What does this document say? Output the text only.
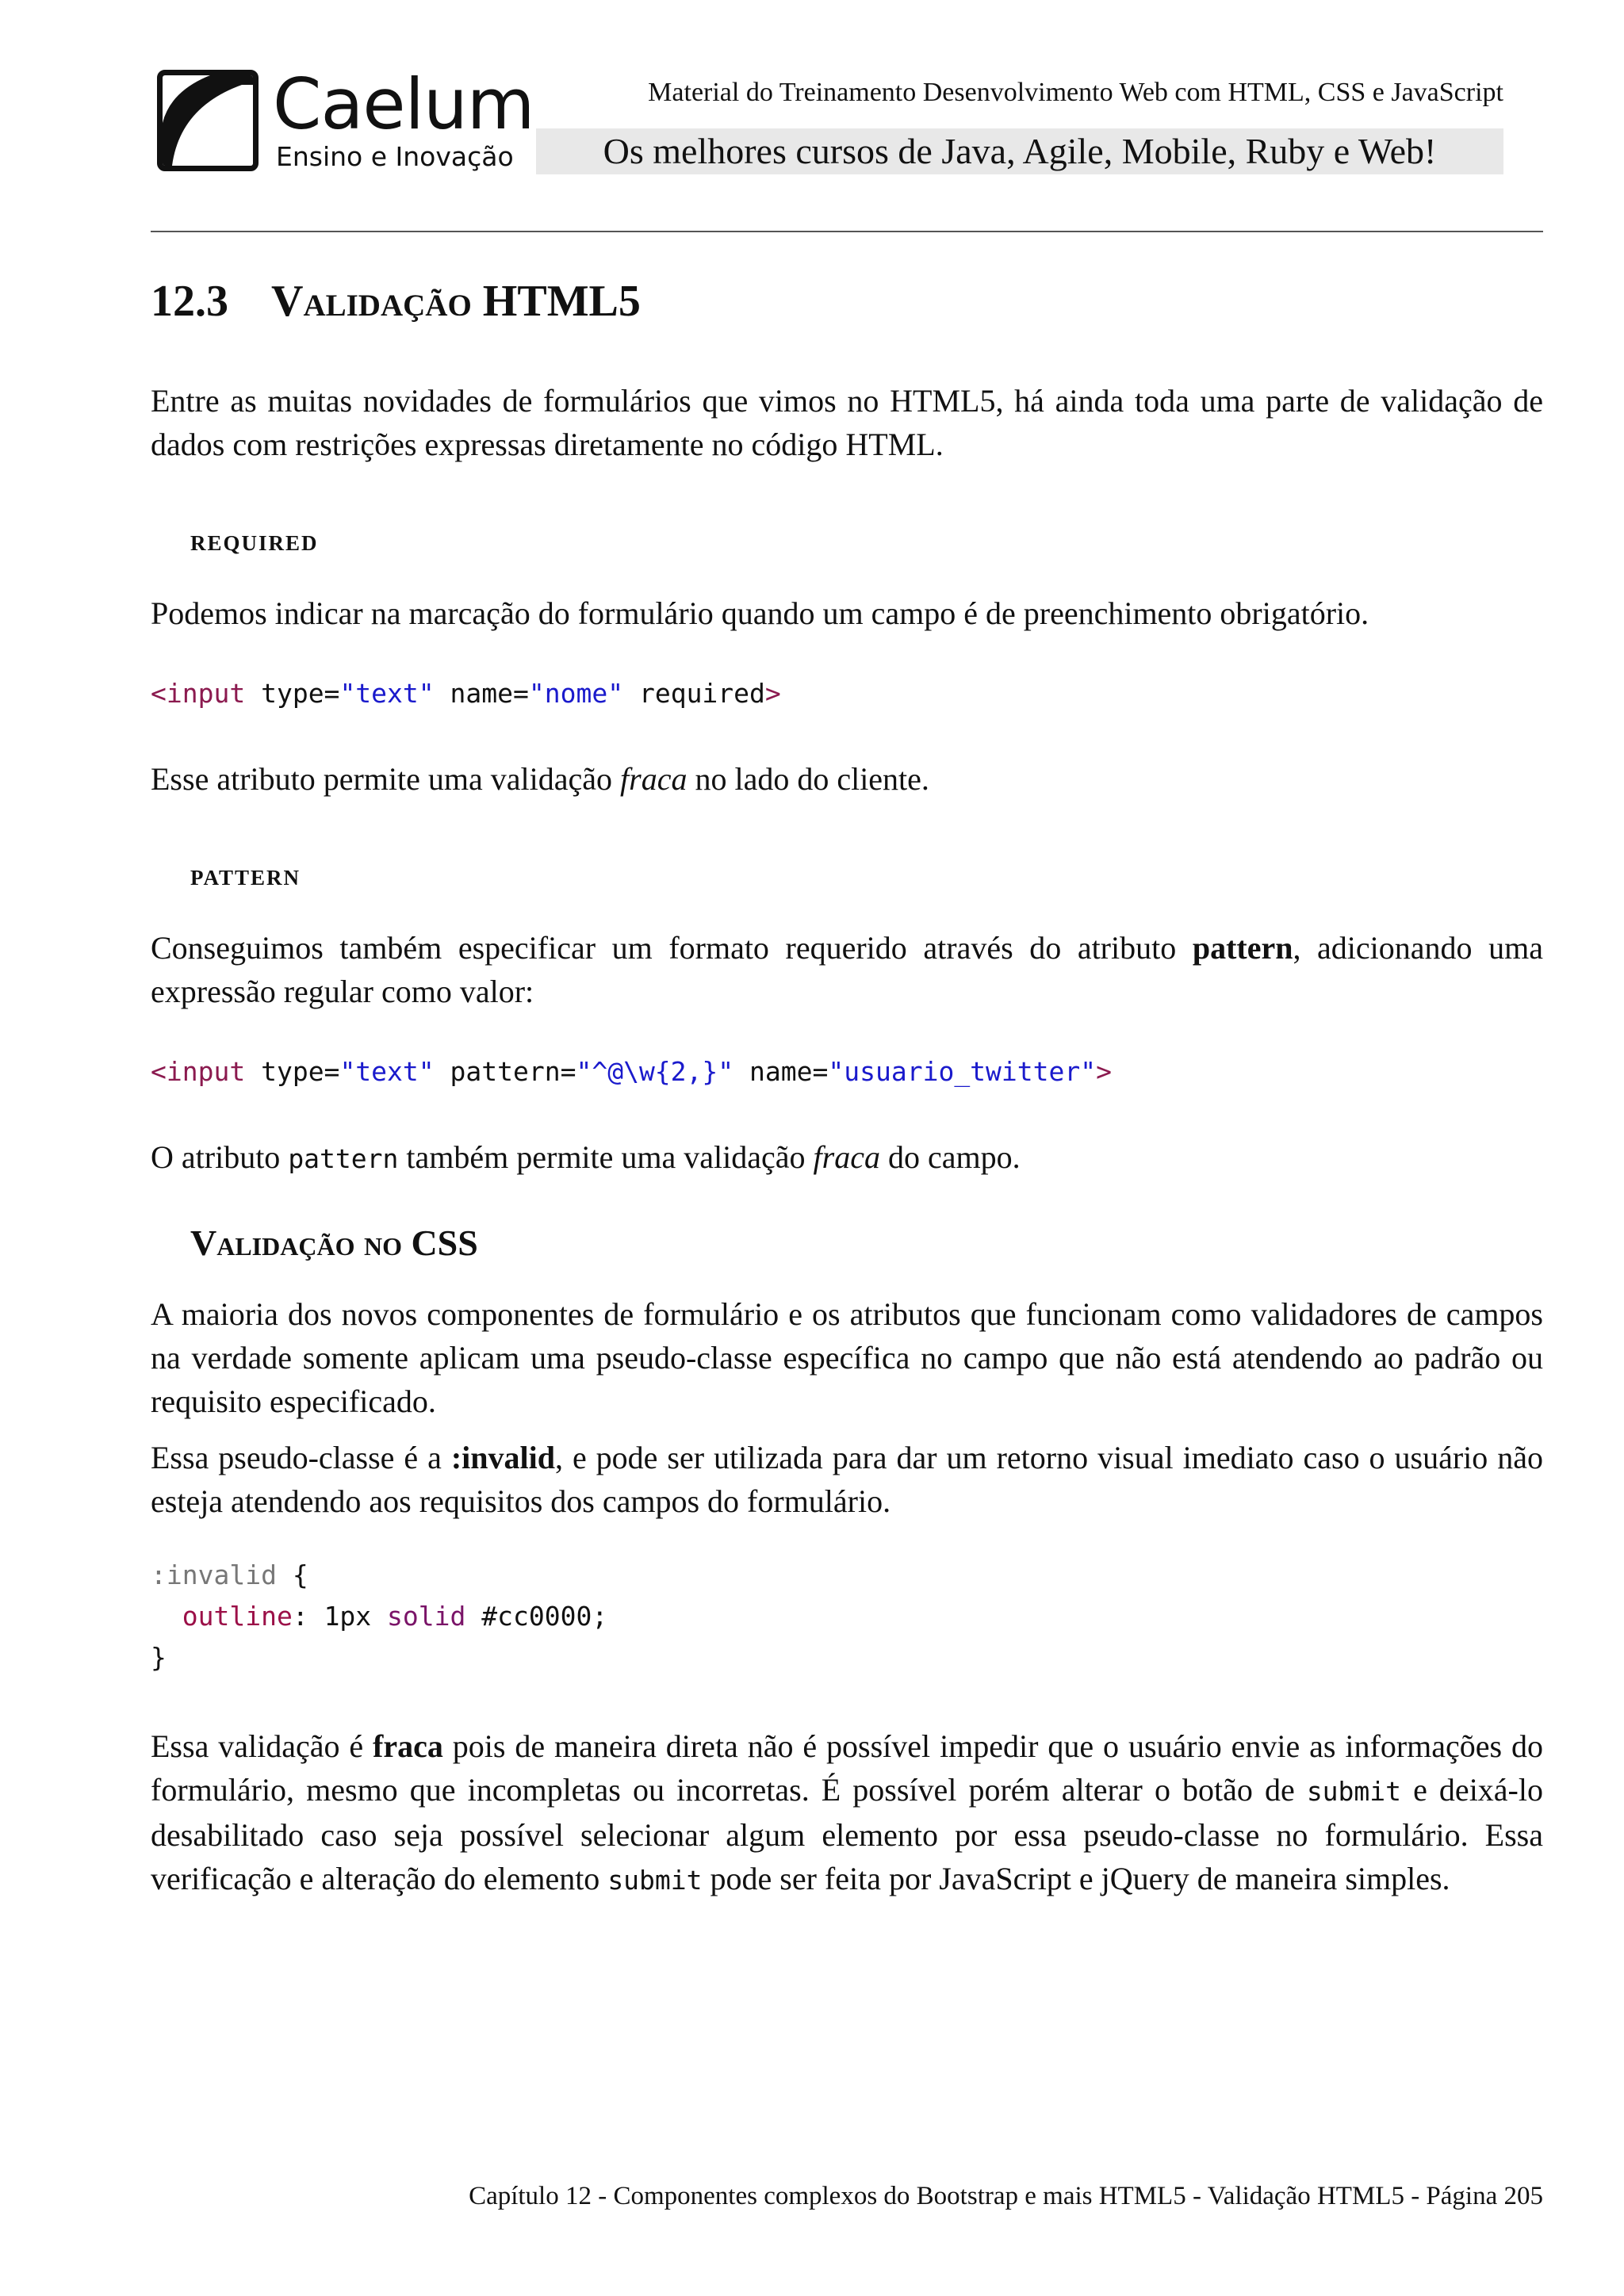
* Caelum
Ensino e Inovação
Material do Treinamento Desenvolvimento Web com HTML, CSS e JavaScript
Os melhores cursos de Java, Agile, Mobile, Ruby e Web!
12.3 Validação HTML5

Entre as muitas novidades de formulários que vimos no HTML5, há ainda toda uma parte de validação de dados com restrições expressas diretamente no código HTML.

required

Podemos indicar na marcação do formulário quando um campo é de preenchimento obrigatório.

<input type="text" name="nome" required>

Esse atributo permite uma validação fraca no lado do cliente.

pattern

Conseguimos também especificar um formato requerido através do atributo pattern, adicionando uma expressão regular como valor:

<input type="text" pattern="^@\w{2,}" name="usuario_twitter">

O atributo pattern também permite uma validação fraca do campo.

Validação no CSS

A maioria dos novos componentes de formulário e os atributos que funcionam como validadores de campos na verdade somente aplicam uma pseudo-classe específica no campo que não está atendendo ao padrão ou requisito especificado.

Essa pseudo-classe é a :invalid, e pode ser utilizada para dar um retorno visual imediato caso o usuário não esteja atendendo aos requisitos dos campos do formulário.

:invalid {
outline: 1px solid #cc0000;
}

Essa validação é fraca pois de maneira direta não é possível impedir que o usuário envie as informações do formulário, mesmo que incompletas ou incorretas. É possível porém alterar o botão de submit e deixá-lo desabilitado caso seja possível selecionar algum elemento por essa pseudo-classe no formulário. Essa verificação e alteração do elemento submit pode ser feita por JavaScript e jQuery de maneira simples.

Capítulo 12 - Componentes complexos do Bootstrap e mais HTML5 - Validação HTML5 - Página 205
